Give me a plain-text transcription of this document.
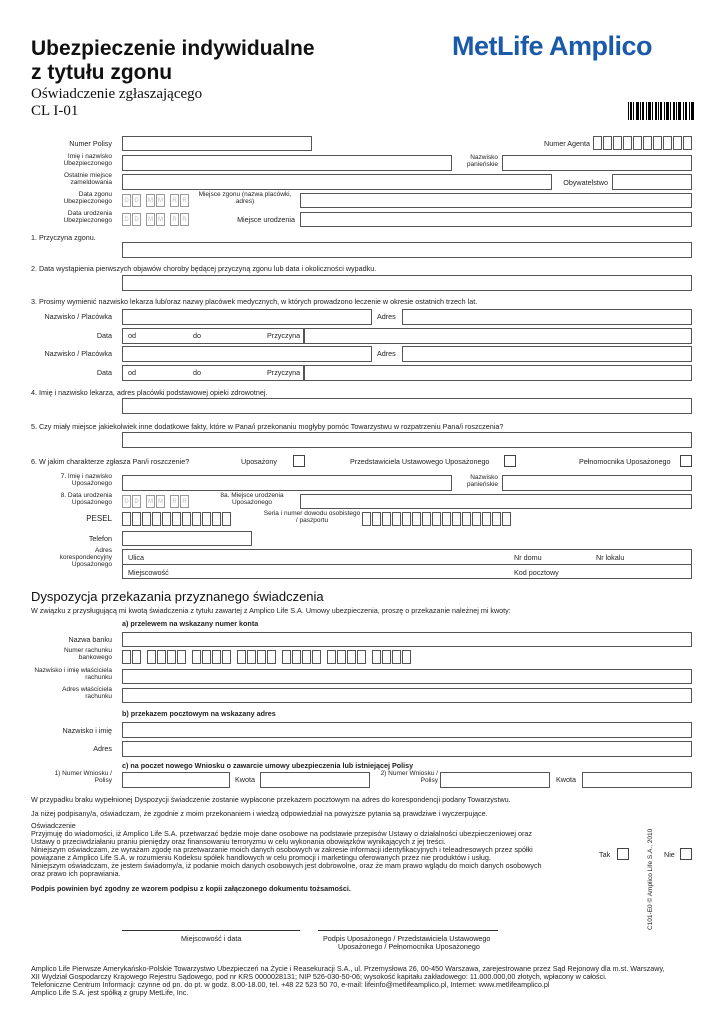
Ubezpieczenie indywidualne
z tytułu zgonu
Oświadczenie zgłaszającego
CL I-01
MetLife Amplico
Numer Polisy	Numer Agenta
Imię i nazwisko Ubezpieczonego
Nazwisko panieńskie
Ostatnie miejsce zameldowania	Obywatelstwo
Data zgonu Ubezpieczonego	D D	M M	R R
Miejsce zgonu (nazwa placówki, adres)
Data urodzenia Ubezpieczonego	D D	M M	R R	Miejsce urodzenia
1. Przyczyna zgonu.
2. Data wystąpienia pierwszych objawów choroby będącej przyczyną zgonu lub data i okoliczności wypadku.
3. Prosimy wymienić nazwisko lekarza lub/oraz nazwy placówek medycznych, w których prowadzono leczenie w okresie ostatnich trzech lat.
Nazwisko / Placówka	Adres
Data od	do	Przyczyna
Nazwisko / Placówka	Adres
Data od	do	Przyczyna
4. Imię i nazwisko lekarza, adres placówki podstawowej opieki zdrowotnej.
5. Czy miały miejsce jakiekolwiek inne dodatkowe fakty, które w Pana/i przekonaniu mogłyby pomóc Towarzystwu w rozpatrzeniu Pana/i roszczenia?
6. W jakim charakterze zgłasza Pan/i roszczenie?	Uposażony	Przedstawiciela Ustawowego Uposażonego	Pełnomocnika Uposażonego
7. Imię i nazwisko Uposażonego
Nazwisko panieńskie
8. Data urodzenia Uposażonego	D D	M M	R R
8a. Miejsce urodzenia Uposażonego
PESEL
Seria i numer dowodu osobistego / paszportu
Telefon
Adres korespondencyjny Uposażonego
Ulica	Nr domu	Nr lokalu
Miejscowość	Kod pocztowy
Dyspozycja przekazania przyznanego świadczenia
W związku z przysługującą mi kwotą świadczenia z tytułu zawartej z Amplico Life S.A. Umowy ubezpieczenia, proszę o przekazanie należnej mi kwoty:
a) przelewem na wskazany numer konta
Nazwa banku
Numer rachunku bankowego
Nazwisko i imię właściciela rachunku
Adres właściciela rachunku
b) przekazem pocztowym na wskazany adres
Nazwisko i imię
Adres
c) na poczet nowego Wniosku o zawarcie umowy ubezpieczenia lub istniejącej Polisy
1) Numer Wniosku / Polisy	Kwota
2) Numer Wniosku / Polisy	Kwota
W przypadku braku wypełnionej Dyspozycji świadczenie zostanie wypłacone przekazem pocztowym na adres do korespondencji podany Towarzystwu.
Ja niżej podpisany/a, oświadczam, że zgodnie z moim przekonaniem i wiedzą odpowiedział na powyższe pytania są prawdziwe i wyczerpujące.
Oświadczenie
Przyjmuję do wiadomości, iż Amplico Life S.A. przetwarzać będzie moje dane osobowe na podstawie przepisów Ustawy o działalności ubezpieczeniowej oraz
Ustawy o przeciwdziałaniu praniu pieniędzy oraz finansowaniu terroryzmu w celu wykonania obowiązków wynikających z jej treści.
Niniejszym oświadczam, że wyrażam zgodę na przetwarzanie moich danych osobowych w zakresie informacji identyfikacyjnych i teleadresowych przez spółki
powiązane z Amplico Life S.A. w rozumieniu Kodeksu spółek handlowych w celu promocji i marketingu oferowanych przez nie produktów i usług.
Niniejszym oświadczam, że jestem świadomy/a, iż podanie moich danych osobowych jest dobrowolne, oraz że mam prawo wglądu do moich danych osobowych
oraz prawo ich poprawiania.
Tak	Nie
Podpis powinien być zgodny ze wzorem podpisu z kopii załączonego dokumentu tożsamości.
Miejscowość i data	Podpis Uposażonego / Przedstawiciela Ustawowego
Uposażonego / Pełnomocnika Uposażonego
Amplico Life Pierwsze Amerykańsko-Polskie Towarzystwo Ubezpieczeń na Życie i Reasekuracji S.A., ul. Przemysłowa 26, 00-450 Warszawa, zarejestrowane przez Sąd Rejonowy dla m.st. Warszawy,
XII Wydział Gospodarczy Krajowego Rejestru Sądowego, pod nr KRS 0000028131; NIP 526-030-50-06; wysokość kapitału zakładowego: 11.000.000,00 złotych, wpłacony w całości.
Telefoniczne Centrum Informacji: czynne od pn. do pt. w godz. 8.00-18.00, tel. +48 22 523 50 70, e-mail: lifeinfo@metlifeamplico.pl, Internet: www.metlifeamplico.pl
Amplico Life S.A. jest spółką z grupy MetLife, Inc.
C101-E0 © Amplico Life S.A., 2010
